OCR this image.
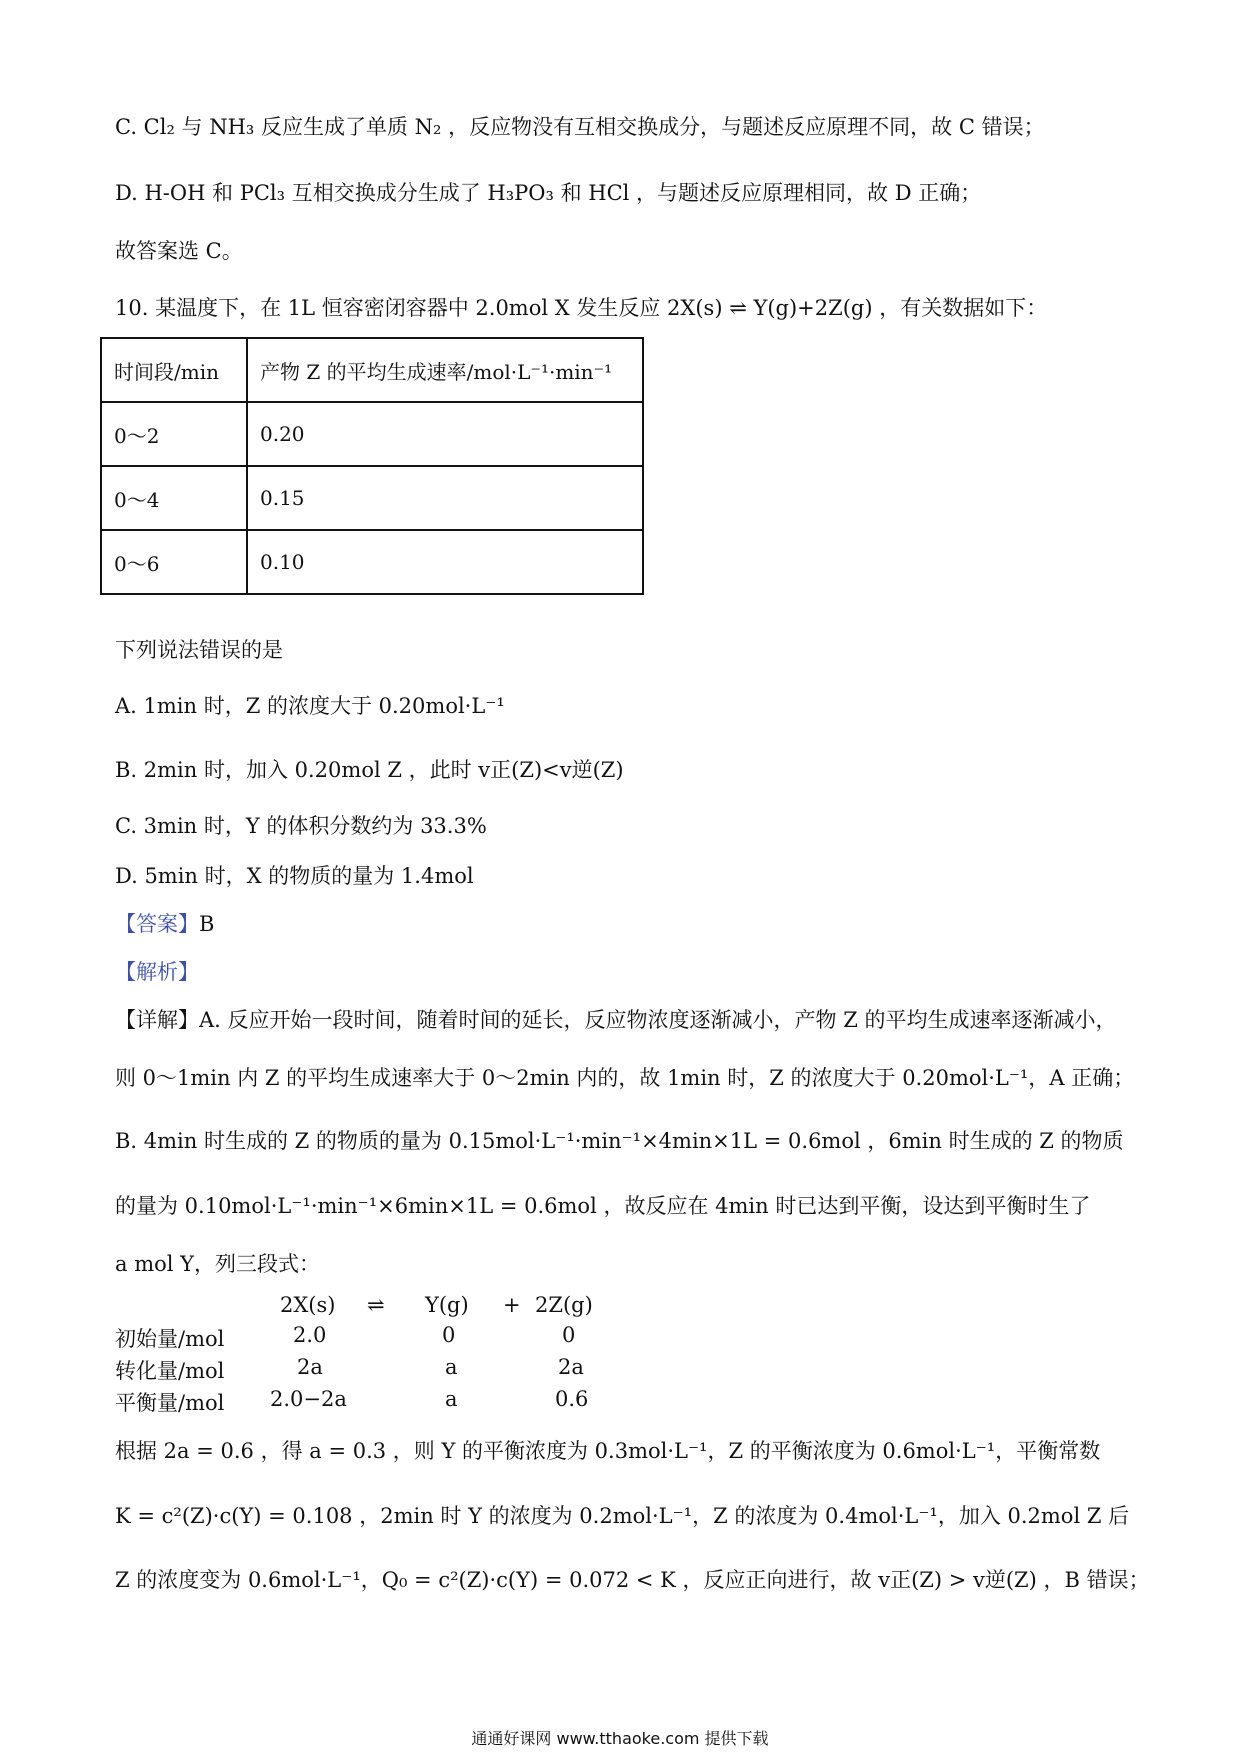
C. Cl₂ 与 NH₃ 反应生成了单质 N₂ ，反应物没有互相交换成分，与题述反应原理不同，故 C 错误；
D. H-OH 和 PCl₃ 互相交换成分生成了 H₃PO₃ 和 HCl ，与题述反应原理相同，故 D 正确；
故答案选 C。
10. 某温度下，在 1L 恒容密闭容器中 2.0mol X 发生反应 2X(s) ⇌ Y(g)+2Z(g) ，有关数据如下：
时间段/min	产物 Z 的平均生成速率/mol·L⁻¹·min⁻¹
0～2	0.20
0～4	0.15
0～6	0.10
下列说法错误的是
A. 1min 时，Z 的浓度大于 0.20mol·L⁻¹
B. 2min 时，加入 0.20mol Z ，此时 v正(Z)<v逆(Z)
C. 3min 时，Y 的体积分数约为 33.3%
D. 5min 时，X 的物质的量为 1.4mol
【答案】B
【解析】
【详解】A. 反应开始一段时间，随着时间的延长，反应物浓度逐渐减小，产物 Z 的平均生成速率逐渐减小，
则 0～1min 内 Z 的平均生成速率大于 0～2min 内的，故 1min 时，Z 的浓度大于 0.20mol·L⁻¹，A 正确；
B. 4min 时生成的 Z 的物质的量为 0.15mol·L⁻¹·min⁻¹×4min×1L = 0.6mol ，6min 时生成的 Z 的物质
的量为 0.10mol·L⁻¹·min⁻¹×6min×1L = 0.6mol ，故反应在 4min 时已达到平衡，设达到平衡时生了
a mol Y，列三段式：
2X(s) ⇌ Y(g) + 2Z(g)
初始量/mol	2.0	0	0
转化量/mol	2a	a	2a
平衡量/mol 2.0−2a	a	0.6
根据 2a = 0.6 ，得 a = 0.3 ，则 Y 的平衡浓度为 0.3mol·L⁻¹，Z 的平衡浓度为 0.6mol·L⁻¹，平衡常数
K = c²(Z)·c(Y) = 0.108 ，2min 时 Y 的浓度为 0.2mol·L⁻¹，Z 的浓度为 0.4mol·L⁻¹，加入 0.2mol Z 后
Z 的浓度变为 0.6mol·L⁻¹，Q₀ = c²(Z)·c(Y) = 0.072 < K ，反应正向进行，故 v正(Z) > v逆(Z) ，B 错误；
通通好课网 www.tthaoke.com 提供下载
